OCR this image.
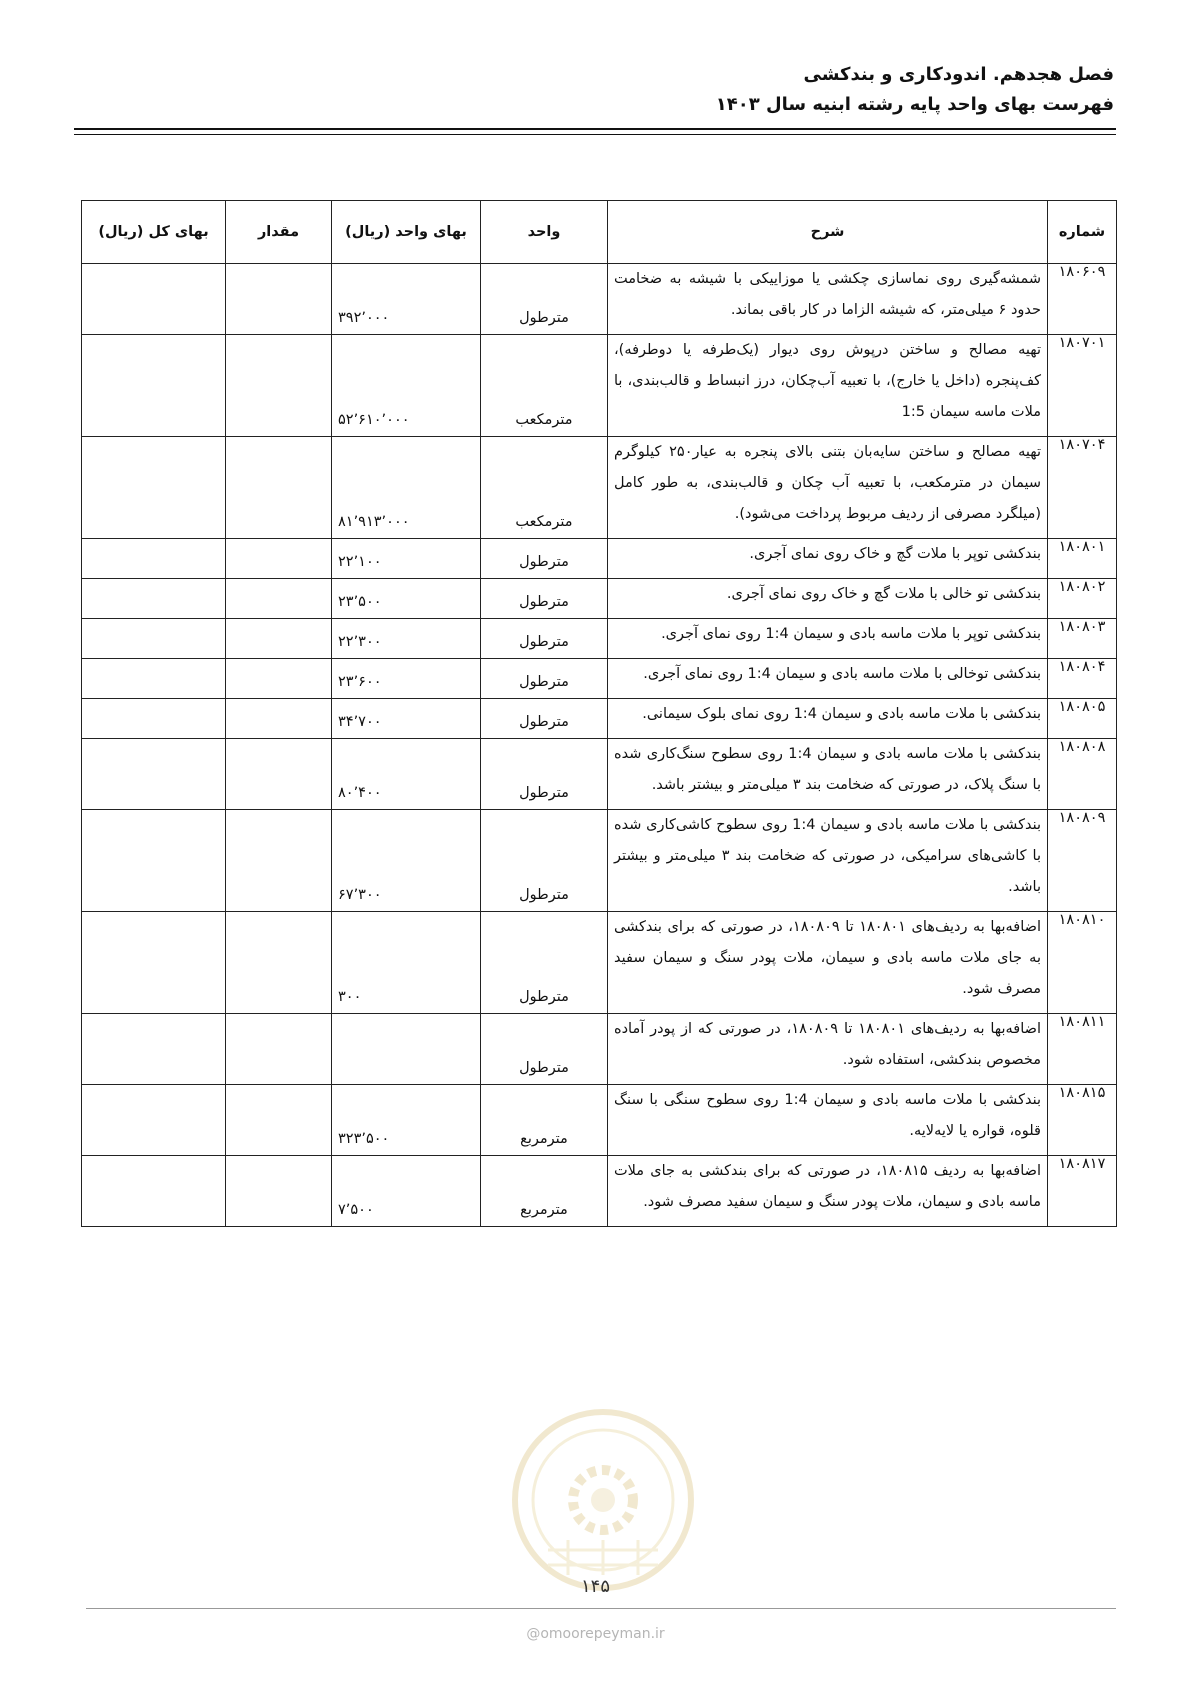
فصل هجدهم. اندودکاری و بندکشی
فهرست بهای واحد پایه رشته ابنیه سال ۱۴۰۳
شماره	شرح	واحد	بهای واحد (ریال)	مقدار	بهای کل (ریال)
۱۸۰۶۰۹	شمشه‌گیری روی نماسازی چکشی یا موزاییکی با شیشه به ضخامت حدود ۶ میلی‌متر، که شیشه الزاما در کار باقی بماند.	مترطول	۳۹۲٬۰۰۰		
۱۸۰۷۰۱	تهیه مصالح و ساختن درپوش روی دیوار (یک‌طرفه یا دوطرفه)، کف‌پنجره (داخل یا خارج)، با تعبیه آب‌چکان، درز انبساط و قالب‌بندی، با ملات ماسه سیمان 1:5	مترمکعب	۵۲٬۶۱۰٬۰۰۰		
۱۸۰۷۰۴	تهیه مصالح و ساختن سایه‌بان بتنی بالای پنجره به عیار۲۵۰ کیلوگرم سیمان در مترمکعب، با تعبیه آب چکان و قالب‌بندی، به طور کامل (میلگرد مصرفی از ردیف مربوط پرداخت می‌شود).	مترمکعب	۸۱٬۹۱۳٬۰۰۰		
۱۸۰۸۰۱	بندکشی توپر با ملات گچ و خاک روی نمای آجری.	مترطول	۲۲٬۱۰۰		
۱۸۰۸۰۲	بندکشی تو خالی با ملات گچ و خاک روی نمای آجری.	مترطول	۲۳٬۵۰۰		
۱۸۰۸۰۳	بندکشی توپر با ملات ماسه بادی و سیمان 1:4 روی نمای آجری.	مترطول	۲۲٬۳۰۰		
۱۸۰۸۰۴	بندکشی توخالی با ملات ماسه بادی و سیمان 1:4 روی نمای آجری.	مترطول	۲۳٬۶۰۰		
۱۸۰۸۰۵	بندکشی با ملات ماسه بادی و سیمان 1:4 روی نمای بلوک سیمانی.	مترطول	۳۴٬۷۰۰		
۱۸۰۸۰۸	بندکشی با ملات ماسه بادی و سیمان 1:4 روی سطوح سنگ‌کاری شده با سنگ پلاک، در صورتی که ضخامت بند ۳ میلی‌متر و بیشتر باشد.	مترطول	۸۰٬۴۰۰		
۱۸۰۸۰۹	بندکشی با ملات ماسه بادی و سیمان 1:4 روی سطوح کاشی‌کاری شده با کاشی‌های سرامیکی، در صورتی که ضخامت بند ۳ میلی‌متر و بیشتر باشد.	مترطول	۶۷٬۳۰۰		
۱۸۰۸۱۰	اضافه‌بها به ردیف‌های ۱۸۰۸۰۱ تا ۱۸۰۸۰۹، در صورتی که برای بندکشی به جای ملات ماسه بادی و سیمان، ملات پودر سنگ و سیمان سفید مصرف شود.	مترطول	۳۰۰		
۱۸۰۸۱۱	اضافه‌بها به ردیف‌های ۱۸۰۸۰۱ تا ۱۸۰۸۰۹، در صورتی که از پودر آماده مخصوص بندکشی، استفاده شود.	مترطول			
۱۸۰۸۱۵	بندکشی با ملات ماسه بادی و سیمان 1:4 روی سطوح سنگی با سنگ قلوه، قواره یا لایه‌لایه.	مترمربع	۳۲۳٬۵۰۰		
۱۸۰۸۱۷	اضافه‌بها به ردیف ۱۸۰۸۱۵، در صورتی که برای بندکشی به جای ملات ماسه بادی و سیمان، ملات پودر سنگ و سیمان سفید مصرف شود.	مترمربع	۷٬۵۰۰		
۱۴۵
@omoorepeyman.ir
